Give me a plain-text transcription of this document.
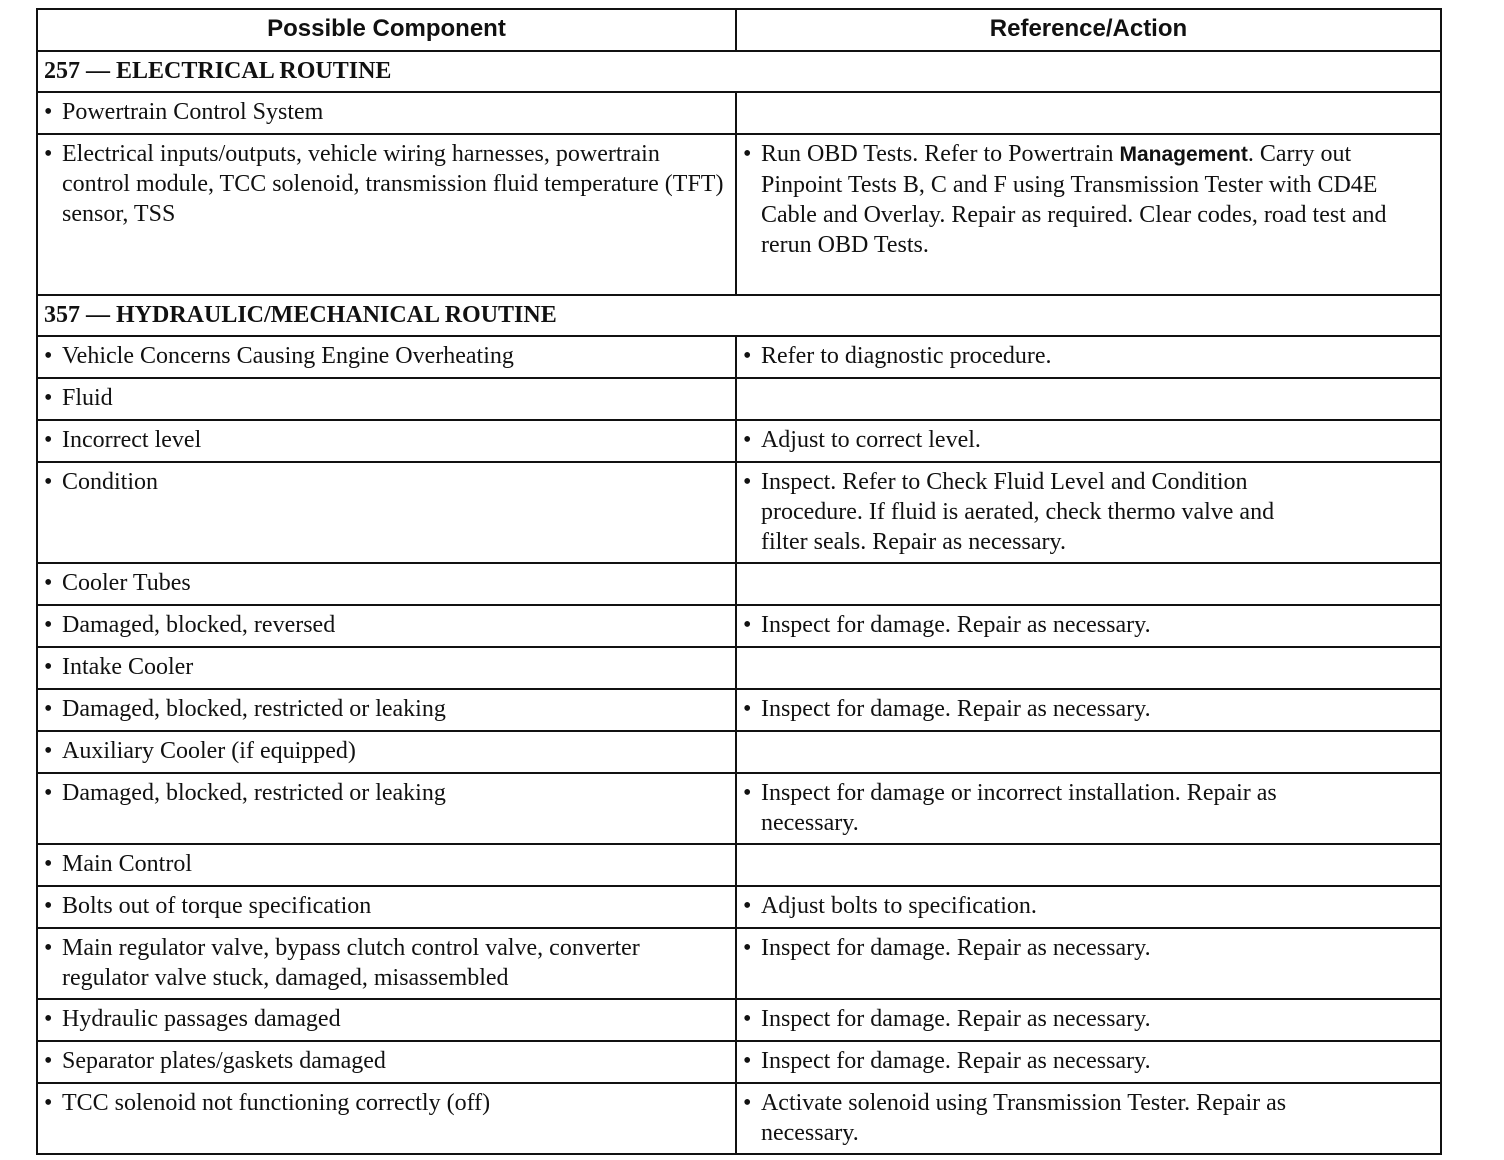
Possible Component	Reference/Action
257 — ELECTRICAL ROUTINE	

• Powertrain Control System	

• Electrical inputs/outputs, vehicle wiring harnesses, powertrain control module, TCC solenoid, transmission fluid temperature (TFT) sensor, TSS	• Run OBD Tests. Refer to Powertrain Management. Carry out Pinpoint Tests B, C and F using Transmission Tester with CD4E Cable and Overlay. Repair as required. Clear codes, road test and rerun OBD Tests.

357 — HYDRAULIC/MECHANICAL ROUTINE	

• Vehicle Concerns Causing Engine Overheating	• Refer to diagnostic procedure.

• Fluid	

• Incorrect level	• Adjust to correct level.

• Condition	• Inspect. Refer to Check Fluid Level and Condition procedure. If fluid is aerated, check thermo valve and filter seals. Repair as necessary.

• Cooler Tubes	

• Damaged, blocked, reversed	• Inspect for damage. Repair as necessary.

• Intake Cooler	

• Damaged, blocked, restricted or leaking	• Inspect for damage. Repair as necessary.

• Auxiliary Cooler (if equipped)	

• Damaged, blocked, restricted or leaking	• Inspect for damage or incorrect installation. Repair as necessary.

• Main Control	

• Bolts out of torque specification	• Adjust bolts to specification.

• Main regulator valve, bypass clutch control valve, converter regulator valve stuck, damaged, misassembled	• Inspect for damage. Repair as necessary.

• Hydraulic passages damaged	• Inspect for damage. Repair as necessary.

• Separator plates/gaskets damaged	• Inspect for damage. Repair as necessary.

• TCC solenoid not functioning correctly (off)	• Activate solenoid using Transmission Tester. Repair as necessary.
